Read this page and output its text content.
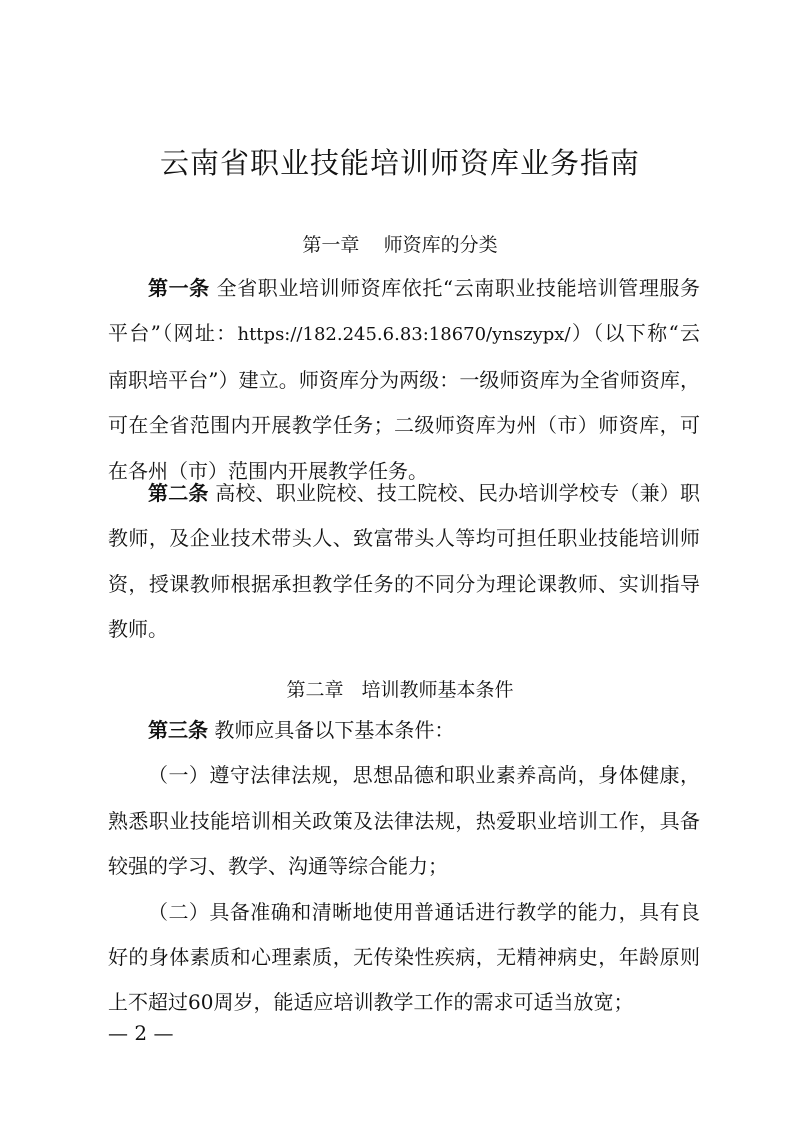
云南省职业技能培训师资库业务指南
第一章    师资库的分类

第一条 全省职业培训师资库依托“云南职业技能培训管理服务平台”（网址：https://182.245.6.83:18670/ynszypx/）（以下称“云南职培平台”）建立。师资库分为两级：一级师资库为全省师资库，可在全省范围内开展教学任务；二级师资库为州（市）师资库，可在各州（市）范围内开展教学任务。

第二条 高校、职业院校、技工院校、民办培训学校专（兼）职教师，及企业技术带头人、致富带头人等均可担任职业技能培训师资，授课教师根据承担教学任务的不同分为理论课教师、实训指导教师。

第二章   培训教师基本条件

第三条 教师应具备以下基本条件：

（一）遵守法律法规，思想品德和职业素养高尚，身体健康，熟悉职业技能培训相关政策及法律法规，热爱职业培训工作，具备较强的学习、教学、沟通等综合能力；

（二）具备准确和清晰地使用普通话进行教学的能力，具有良好的身体素质和心理素质，无传染性疾病，无精神病史，年龄原则上不超过60周岁，能适应培训教学工作的需求可适当放宽；

— 2 —
